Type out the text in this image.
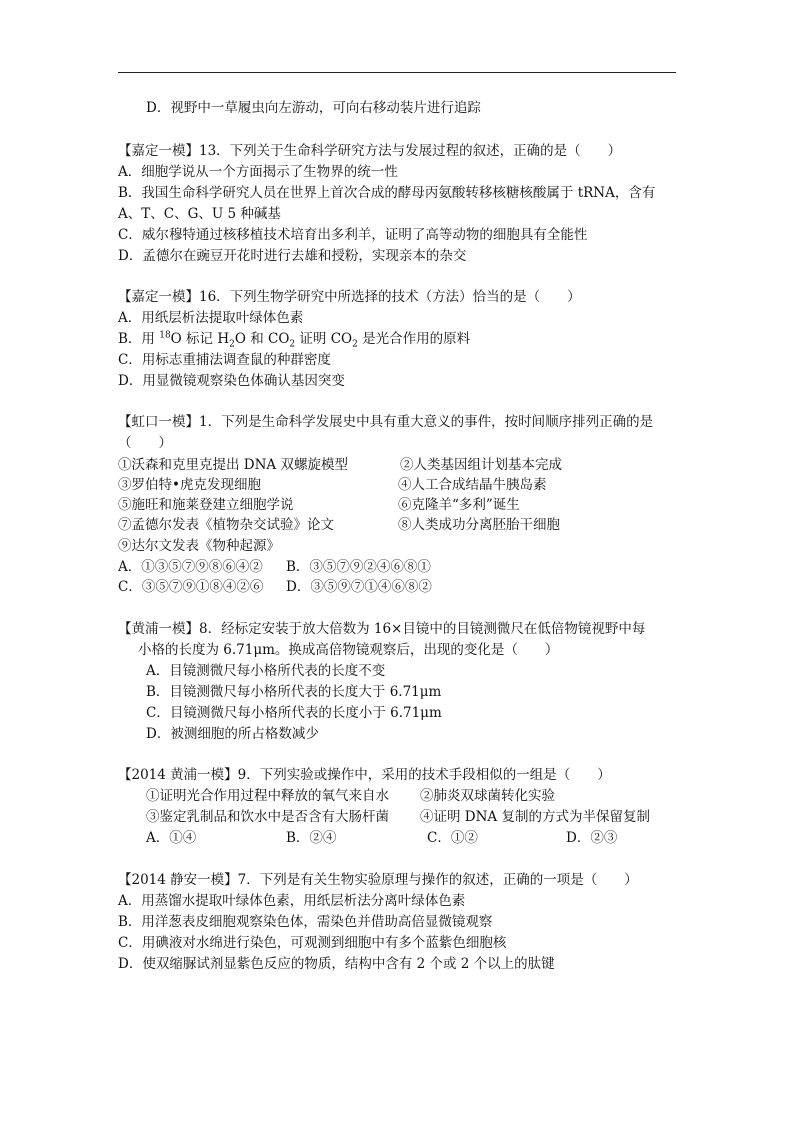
D．视野中一草履虫向左游动，可向右移动装片进行追踪
【嘉定一模】13．下列关于生命科学研究方法与发展过程的叙述，正确的是（　　）
A．细胞学说从一个方面揭示了生物界的统一性
B．我国生命科学研究人员在世界上首次合成的酵母丙氨酸转移核糖核酸属于 tRNA，含有
A、T、C、G、U 5 种碱基
C．威尔穆特通过核移植技术培育出多利羊，证明了高等动物的细胞具有全能性
D．孟德尔在豌豆开花时进行去雄和授粉，实现亲本的杂交
【嘉定一模】16．下列生物学研究中所选择的技术（方法）恰当的是（　　）
A．用纸层析法提取叶绿体色素
B．用 $^{18}$O 标记 $H_2O$ 和 $CO_2$ 证明 $CO_2$ 是光合作用的原料
C．用标志重捕法调查鼠的种群密度
D．用显微镜观察染色体确认基因突变
【虹口一模】1．下列是生命科学发展史中具有重大意义的事件，按时间顺序排列正确的是
（　　）
①沃森和克里克提出 DNA 双螺旋模型	②人类基因组计划基本完成
③罗伯特•虎克发现细胞	④人工合成结晶牛胰岛素
⑤施旺和施莱登建立细胞学说	⑥克隆羊“多利”诞生
⑦孟德尔发表《植物杂交试验》论文	⑧人类成功分离胚胎干细胞
⑨达尔文发表《物种起源》
A．①③⑤⑦⑨⑧⑥④② B．③⑤⑦⑨②④⑥⑧①
C．③⑤⑦⑨①⑧④②⑥ D．③⑤⑨⑦①④⑥⑧②
【黄浦一模】8．经标定安装于放大倍数为 16×目镜中的目镜测微尺在低倍物镜视野中每
小格的长度为 6.71μm。换成高倍物镜观察后，出现的变化是（　　）
A．目镜测微尺每小格所代表的长度不变
B．目镜测微尺每小格所代表的长度大于 6.71μm
C．目镜测微尺每小格所代表的长度小于 6.71μm
D．被测细胞的所占格数减少
【2014 黄浦一模】9．下列实验或操作中，采用的技术手段相似的一组是（　　）
①证明光合作用过程中释放的氧气来自水 ②肺炎双球菌转化实验
③鉴定乳制品和饮水中是否含有大肠杆菌 ④证明 DNA 复制的方式为半保留复制
A．①④	B．②④	C．①②	D．②③
【2014 静安一模】7．下列是有关生物实验原理与操作的叙述，正确的一项是（　　）
A．用蒸馏水提取叶绿体色素，用纸层析法分离叶绿体色素
B．用洋葱表皮细胞观察染色体，需染色并借助高倍显微镜观察
C．用碘液对水绵进行染色，可观测到细胞中有多个蓝紫色细胞核
D．使双缩脲试剂显紫色反应的物质，结构中含有 2 个或 2 个以上的肽键
